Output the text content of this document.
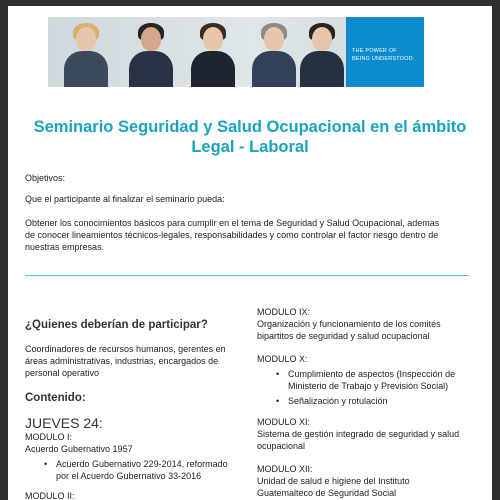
THE POWER OF
BEING UNDERSTOOD.
Seminario Seguridad y Salud Ocupacional en el ámbito
Legal - Laboral

Objetivos:

Que el participante al finalizar el seminario pueda:

Obtener los conocimientos básicos para cumplir en el tema de Seguridad y Salud Ocupacional, ademas
de conocer lineamientos técnicos-legales, responsabilidades y como controlar el factor riesgo dentro de
nuestras empresas.

¿Quienes deberían de participar?

Coordinadores de recursos humanos, gerentes en
áreas administrativas, industrias, encargados de
personal operativo

Contenido:

JUEVES 24:

MODULO I:

Acuerdo Gubernativo 1957

• Acuerdo Gubernativo 229-2014, reformado
por el Acuerdo Gubernativo 33-2016

MODULO II:

MODULO IX:

Organización y funcionamiento de los comités
bipartitos de seguridad y salud ocupacional

MODULO X:

• Cumplimiento de aspectos (Inspección de
Ministerio de Trabajo y Previsión Social)
• Señalización y rotulación

MODULO XI:

Sistema de gestión integrado de seguridad y salud
ocupacional

MODULO XII:

Unidad de salud e higiene del Instituto
Guatemalteco de Seguridad Social
